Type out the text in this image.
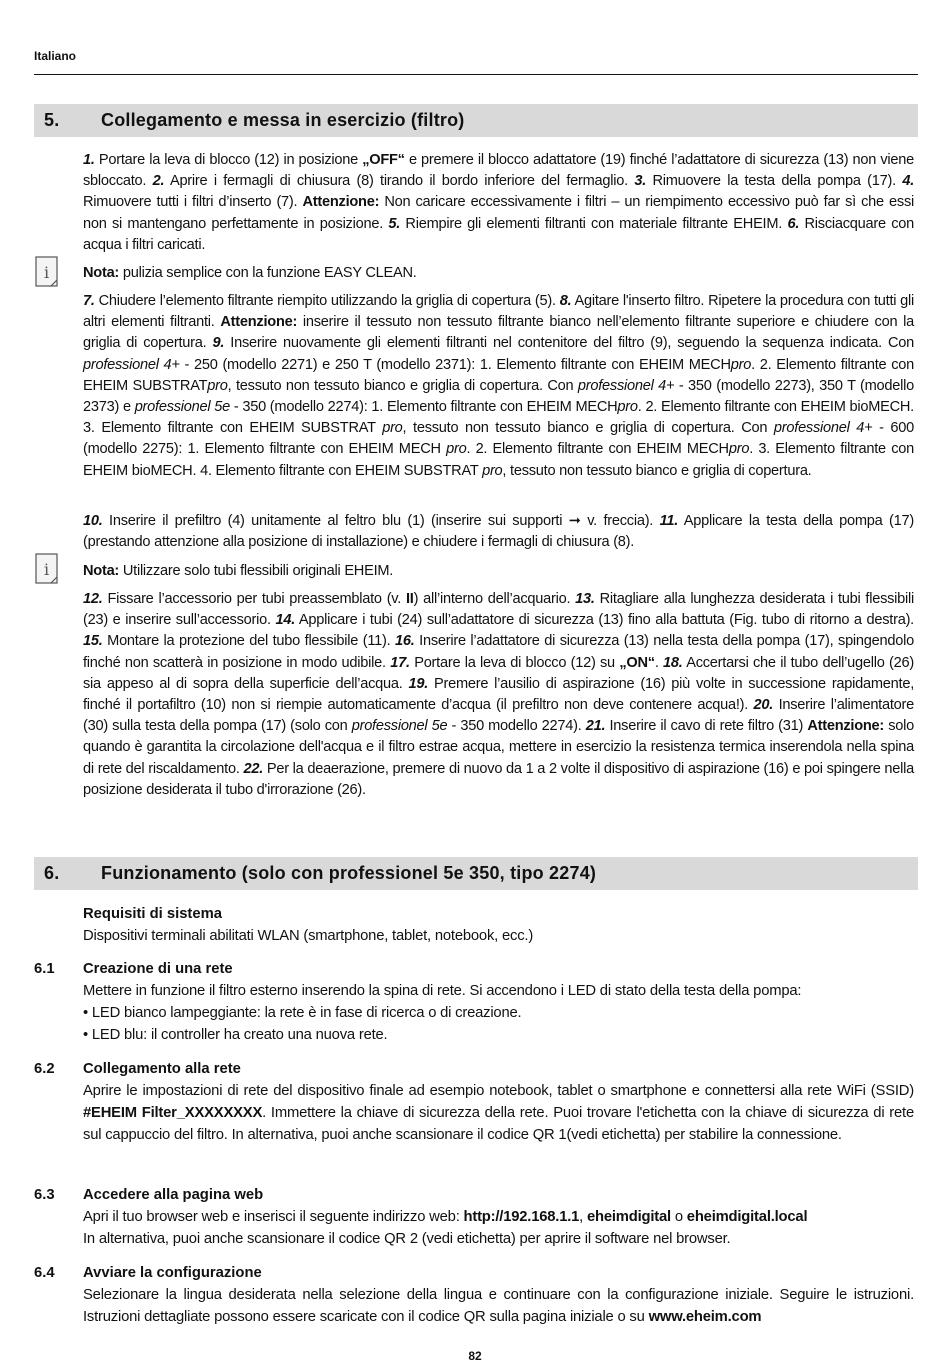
Italiano
5. Collegamento e messa in esercizio (filtro)
1. Portare la leva di blocco (12) in posizione „OFF“ e premere il blocco adattatore (19) finché l’adattatore di sicurezza (13) non viene sbloccato. 2. Aprire i fermagli di chiusura (8) tirando il bordo inferiore del fermaglio. 3. Rimuovere la testa della pompa (17). 4. Rimuovere tutti i filtri d’inserto (7). Attenzione: Non caricare eccessivamente i filtri – un riempimento eccessivo può far sì che essi non si mantengano perfettamente in posizione. 5. Riempire gli elementi filtranti con materiale filtrante EHEIM. 6. Risciacquare con acqua i filtri caricati.
i Nota: pulizia semplice con la funzione EASY CLEAN.
7. Chiudere l’elemento filtrante riempito utilizzando la griglia di copertura (5). 8. Agitare l'inserto filtro. Ripetere la procedura con tutti gli altri elementi filtranti. Attenzione: inserire il tessuto non tessuto filtrante bianco nell’elemento filtrante superiore e chiudere con la griglia di copertura. 9. Inserire nuovamente gli elementi filtranti nel contenitore del filtro (9), seguendo la sequenza indicata. Con professionel 4+ - 250 (modello 2271) e 250 T (modello 2371): 1. Elemento filtrante con EHEIM MECHpro. 2. Elemento filtrante con EHEIM SUBSTRATpro, tessuto non tessuto bianco e griglia di copertura. Con professionel 4+ - 350 (modello 2273), 350 T (modello 2373) e professionel 5e - 350 (modello 2274): 1. Elemento filtrante con EHEIM MECHpro. 2. Elemento filtrante con EHEIM bioMECH. 3. Elemento filtrante con EHEIM SUBSTRAT pro, tessuto non tessuto bianco e griglia di copertura. Con professionel 4+ - 600 (modello 2275): 1. Elemento filtrante con EHEIM MECH pro. 2. Elemento filtrante con EHEIM MECHpro. 3. Elemento filtrante con EHEIM bioMECH. 4. Elemento filtrante con EHEIM SUBSTRAT pro, tessuto non tessuto bianco e griglia di copertura.
10. Inserire il prefiltro (4) unitamente al feltro blu (1) (inserire sui supporti ➞ v. freccia). 11. Applicare la testa della pompa (17) (prestando attenzione alla posizione di installazione) e chiudere i fermagli di chiusura (8).
i Nota: Utilizzare solo tubi flessibili originali EHEIM.
12. Fissare l’accessorio per tubi preassemblato (v. II) all’interno dell’acquario. 13. Ritagliare alla lunghezza desiderata i tubi flessibili (23) e inserire sull’accessorio. 14. Applicare i tubi (24) sull’adattatore di sicurezza (13) fino alla battuta (Fig. tubo di ritorno a destra). 15. Montare la protezione del tubo flessibile (11). 16. Inserire l’adattatore di sicurezza (13) nella testa della pompa (17), spingendolo finché non scatterà in posizione in modo udibile. 17. Portare la leva di blocco (12) su „ON“. 18. Accertarsi che il tubo dell’ugello (26) sia appeso al di sopra della superficie dell’acqua. 19. Premere l’ausilio di aspirazione (16) più volte in successione rapidamente, finché il portafiltro (10) non si riempie automaticamente d’acqua (il prefiltro non deve contenere acqua!). 20. Inserire l’alimentatore (30) sulla testa della pompa (17) (solo con professionel 5e - 350 modello 2274). 21. Inserire il cavo di rete filtro (31) Attenzione: solo quando è garantita la circolazione dell'acqua e il filtro estrae acqua, mettere in esercizio la resistenza termica inserendola nella spina di rete del riscaldamento. 22. Per la deaerazione, premere di nuovo da 1 a 2 volte il dispositivo di aspirazione (16) e poi spingere nella posizione desiderata il tubo d'irrorazione (26).
6. Funzionamento (solo con professionel 5e 350, tipo 2274)
Requisiti di sistema
Dispositivi terminali abilitati WLAN (smartphone, tablet, notebook, ecc.)
6.1 Creazione di una rete
Mettere in funzione il filtro esterno inserendo la spina di rete. Si accendono i LED di stato della testa della pompa:
• LED bianco lampeggiante: la rete è in fase di ricerca o di creazione.
• LED blu: il controller ha creato una nuova rete.
6.2 Collegamento alla rete
Aprire le impostazioni di rete del dispositivo finale ad esempio notebook, tablet o smartphone e connettersi alla rete WiFi (SSID) #EHEIM Filter_XXXXXXXX. Immettere la chiave di sicurezza della rete. Puoi trovare l'etichetta con la chiave di sicurezza di rete sul cappuccio del filtro. In alternativa, puoi anche scansionare il codice QR 1(vedi etichetta) per stabilire la connessione.
6.3 Accedere alla pagina web
Apri il tuo browser web e inserisci il seguente indirizzo web: http://192.168.1.1, eheimdigital o eheimdigital.local
In alternativa, puoi anche scansionare il codice QR 2 (vedi etichetta) per aprire il software nel browser.
6.4 Avviare la configurazione
Selezionare la lingua desiderata nella selezione della lingua e continuare con la configurazione iniziale. Seguire le istruzioni. Istruzioni dettagliate possono essere scaricate con il codice QR sulla pagina iniziale o su www.eheim.com
82
